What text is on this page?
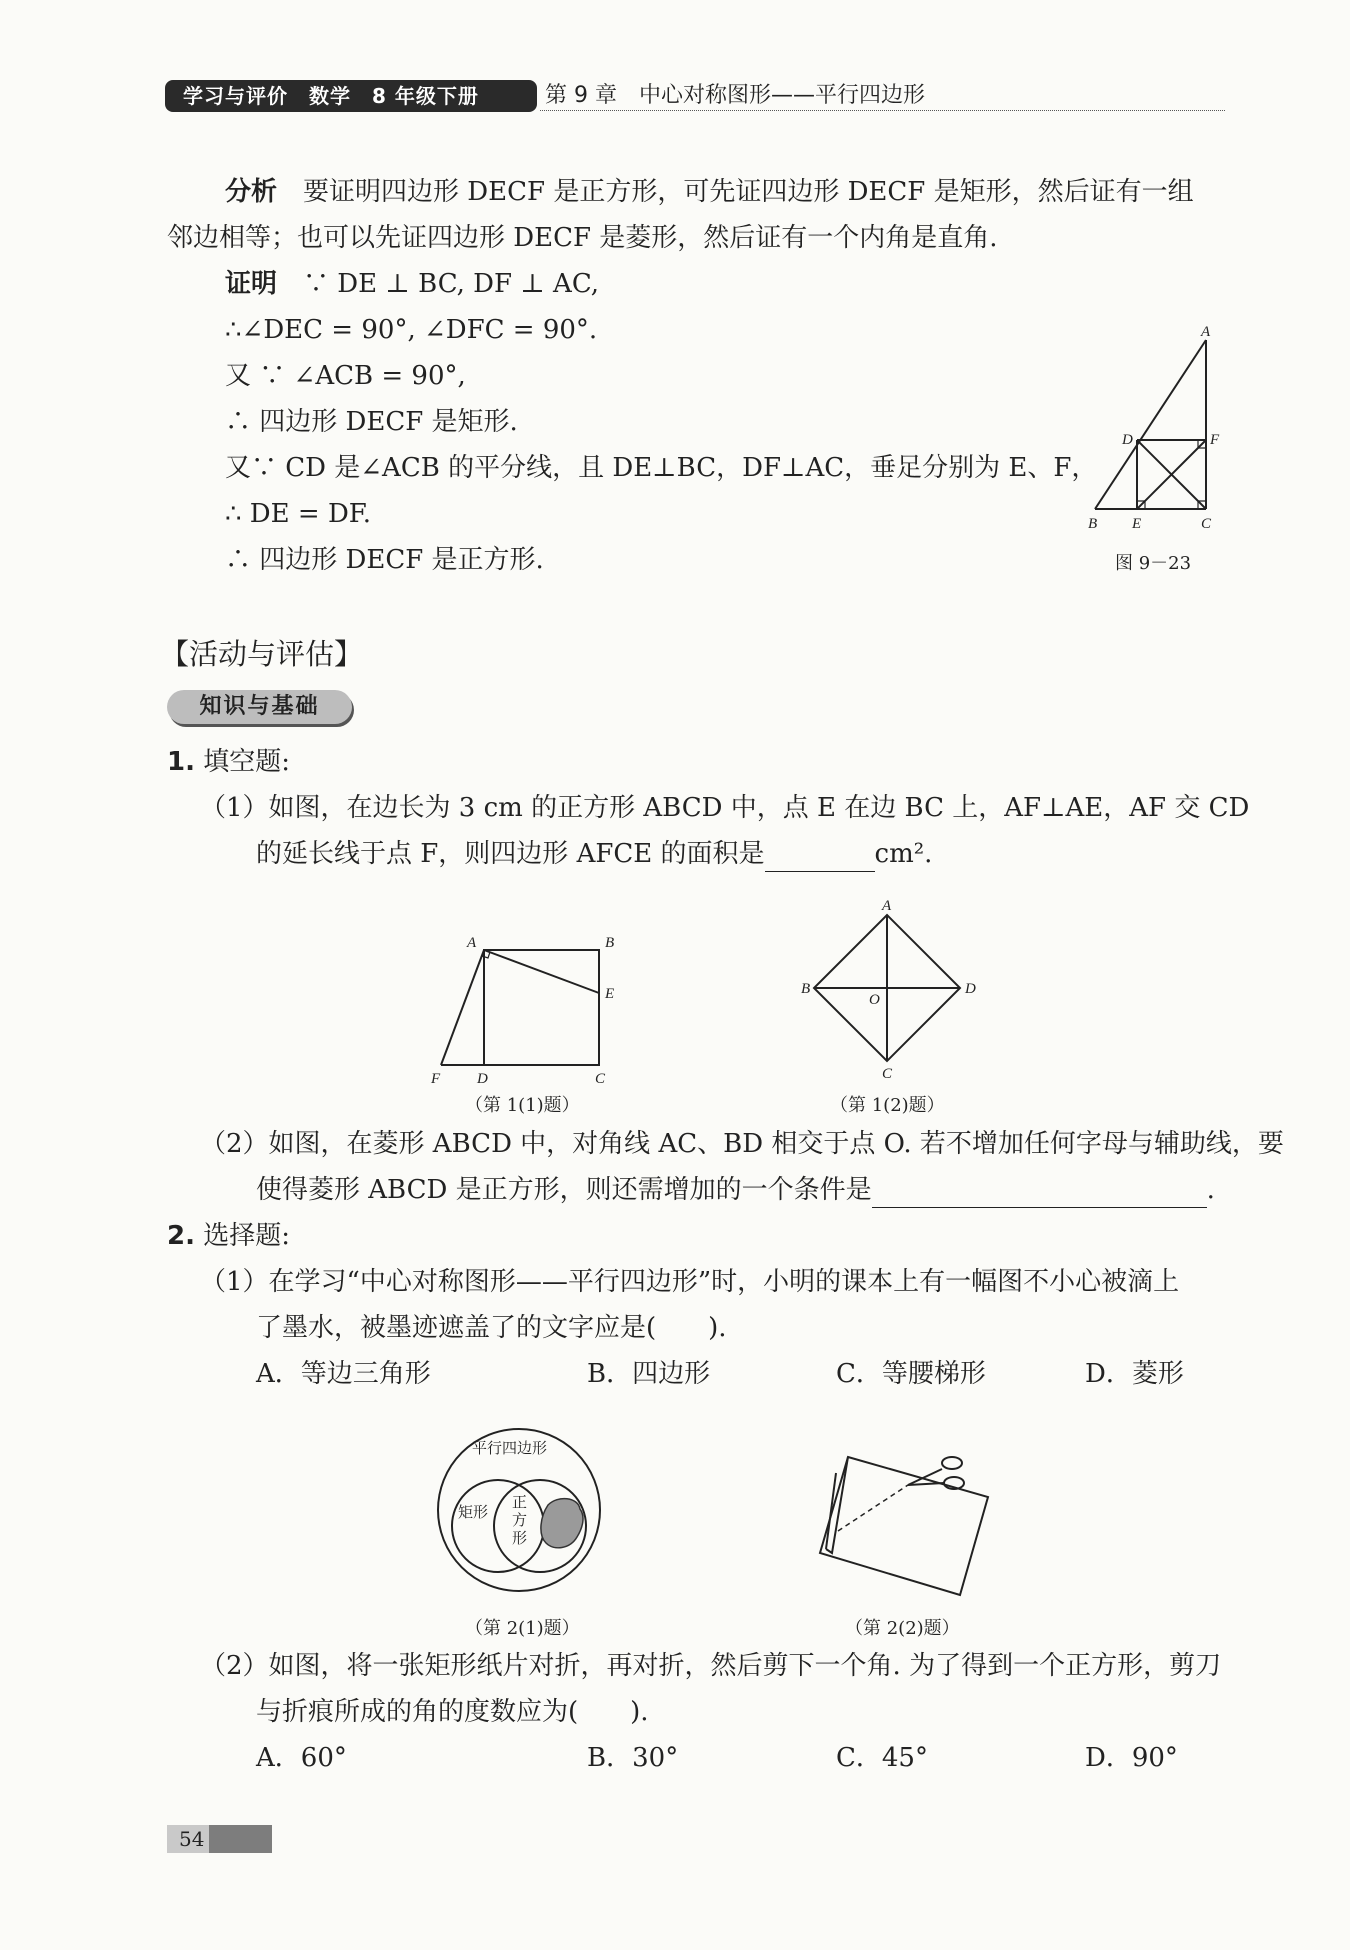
学习与评价　数学　8 年级下册	第 9 章　中心对称图形——平行四边形
分析　 要证明四边形 DECF 是正方形，可先证四边形 DECF 是矩形，然后证有一组
邻边相等；也可以先证四边形 DECF 是菱形，然后证有一个内角是直角.
证明　 ∵ DE ⊥ BC, DF ⊥ AC,
∴∠DEC = 90°, ∠DFC = 90°.
又 ∵ ∠ACB = 90°,
∴ 四边形 DECF 是矩形.
又∵ CD 是∠ACB 的平分线，且 DE⊥BC，DF⊥AC，垂足分别为 E、F，
∴ DE = DF.
∴ 四边形 DECF 是正方形.
A
D	F
B E	C
图 9－23
【活动与评估】
知识与基础
1. 填空题:
（1）如图，在边长为 3 cm 的正方形 ABCD 中，点 E 在边 BC 上，AF⊥AE，AF 交 CD
的延长线于点 F，则四边形 AFCE 的面积是	cm².
A	B
E
F D	C
（第 1(1)题）
A
B	D
O
C
（第 1(2)题）
（2）如图，在菱形 ABCD 中，对角线 AC、BD 相交于点 O. 若不增加任何字母与辅助线，要
使得菱形 ABCD 是正方形，则还需增加的一个条件是	.
2. 选择题:
（1）在学习“中心对称图形——平行四边形”时，小明的课本上有一幅图不小心被滴上
了墨水，被墨迹遮盖了的文字应是(　　).
A．等边三角形	B．四边形	C．等腰梯形	D．菱形
平行四边形
矩形
正
方
形
（第 2(1)题）	（第 2(2)题）
（2）如图，将一张矩形纸片对折，再对折，然后剪下一个角. 为了得到一个正方形，剪刀
与折痕所成的角的度数应为(　　).
A．60°	B．30°	C．45°	D．90°
54
